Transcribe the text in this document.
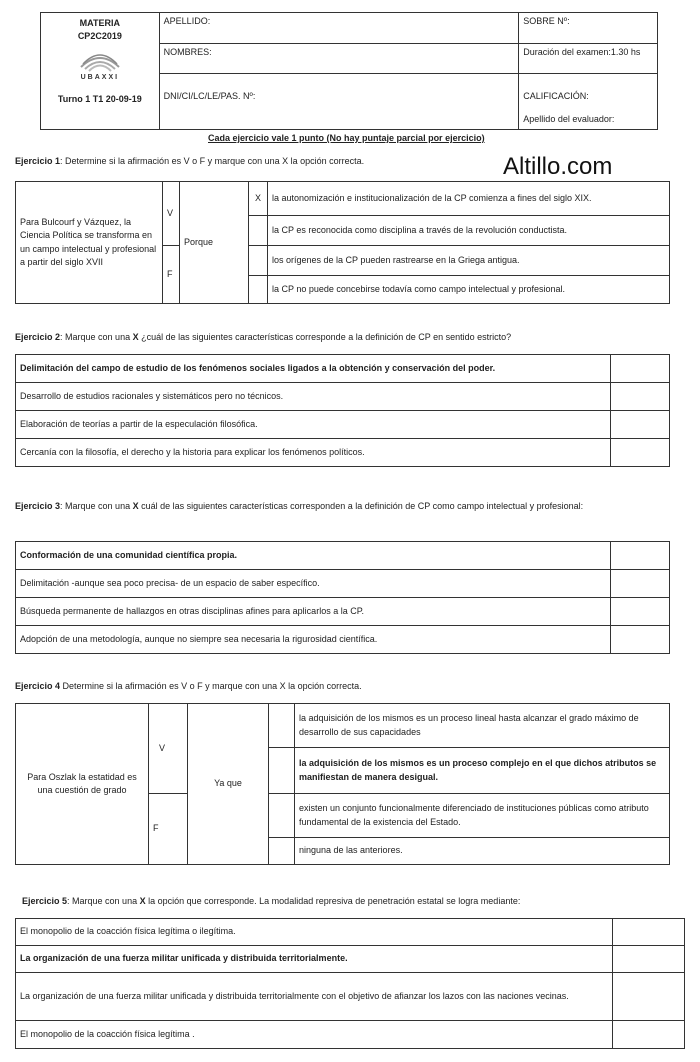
MATERIA
CP2C2019
UBAXXI
Turno 1 T1 20-09-19	APELLIDO:	SOBRE Nº:
	NOMBRES:	Duración del examen:1.30 hs
	DNI/CI/LC/LE/PAS. Nº:	CALIFICACIÓN:
Apellido del evaluador:
Cada ejercicio vale 1 punto (No hay puntaje parcial por ejercicio)
Ejercicio 1: Determine si la afirmación es V o F y marque con una X la opción correcta.	Altillo.com
Para Bulcourf y Vázquez, la Ciencia Política se transforma en un campo intelectual y profesional a partir del siglo XVII	V	Porque	X	la autonomización e institucionalización de la CP comienza a fines del siglo XIX.
				la CP es reconocida como disciplina a través de la revolución conductista.
	F			los orígenes de la CP pueden rastrearse en la Griega antigua.
				la CP no puede concebirse todavía como campo intelectual y profesional.
Ejercicio 2: Marque con una X ¿cuál de las siguientes características corresponde a la definición de CP en sentido estricto?
Delimitación del campo de estudio de los fenómenos sociales ligados a la obtención y conservación del poder.	
Desarrollo de estudios racionales y sistemáticos pero no técnicos.	
Elaboración de teorías a partir de la especulación filosófica.	
Cercanía con la filosofía, el derecho y la historia para explicar los fenómenos políticos.	
Ejercicio 3: Marque con una X cuál de las siguientes características corresponden a la definición de CP como campo intelectual y profesional:
Conformación de una comunidad científica propia.	
Delimitación -aunque sea poco precisa- de un espacio de saber específico.	
Búsqueda permanente de hallazgos en otras disciplinas afines para aplicarlos a la CP.	
Adopción de una metodología, aunque no siempre sea necesaria la rigurosidad científica.	
Ejercicio 4 Determine si la afirmación es V o F y marque con una X la opción correcta.
Para Oszlak la estatidad es una cuestión de grado	V	Ya que		la adquisición de los mismos es un proceso lineal hasta alcanzar el grado máximo de desarrollo de sus capacidades
				la adquisición de los mismos es un proceso complejo en el que dichos atributos se manifiestan de manera desigual.
	F			existen un conjunto funcionalmente diferenciado de instituciones públicas como atributo fundamental de la existencia del Estado.
				ninguna de las anteriores.
Ejercicio 5: Marque con una X la opción que corresponde. La modalidad represiva de penetración estatal se logra mediante:
El monopolio de la coacción física legítima o ilegítima.	
La organización de una fuerza militar unificada y distribuida territorialmente.	
La organización de una fuerza militar unificada y distribuida territorialmente con el objetivo de afianzar los lazos con las naciones vecinas.	
El monopolio de la coacción física legítima .	
